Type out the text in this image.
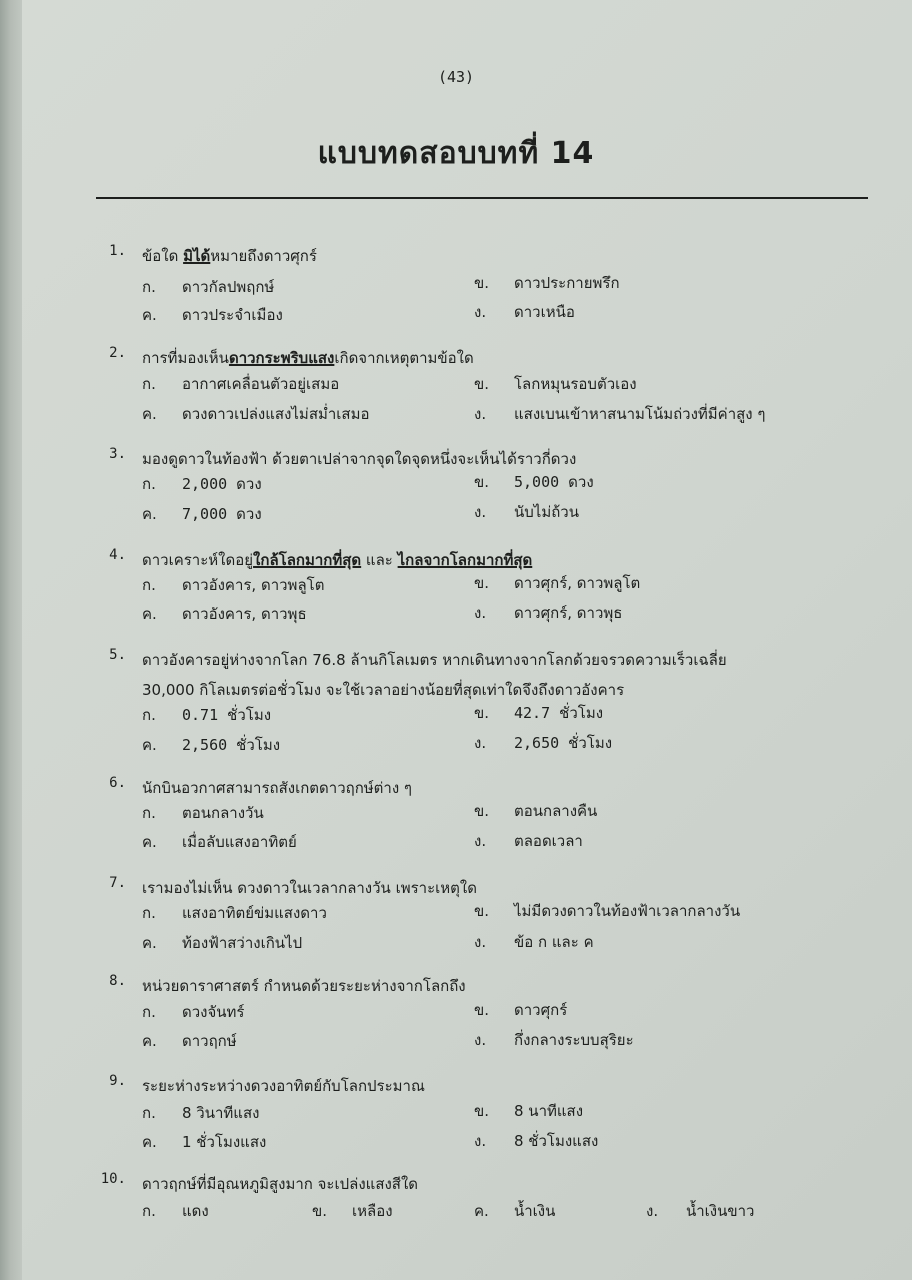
(43)
แบบทดสอบบทที่ 14
1. ข้อใด มิได้หมายถึงดาวศุกร์
ก. ดาวกัลปพฤกษ์	ข. ดาวประกายพรึก
ค. ดาวประจำเมือง	ง. ดาวเหนือ
2. การที่มองเห็นดาวกระพริบแสงเกิดจากเหตุตามข้อใด
ก. อากาศเคลื่อนตัวอยู่เสมอ	ข. โลกหมุนรอบตัวเอง
ค. ดวงดาวเปล่งแสงไม่สม่ำเสมอ	ง. แสงเบนเข้าหาสนามโน้มถ่วงที่มีค่าสูง ๆ
3. มองดูดาวในท้องฟ้า ด้วยตาเปล่าจากจุดใดจุดหนึ่งจะเห็นได้ราวกี่ดวง
ก. 2,000 ดวง	ข. 5,000 ดวง
ค. 7,000 ดวง	ง. นับไม่ถ้วน
4. ดาวเคราะห์ใดอยู่ใกล้โลกมากที่สุด และ ไกลจากโลกมากที่สุด
ก. ดาวอังคาร, ดาวพลูโต	ข. ดาวศุกร์, ดาวพลูโต
ค. ดาวอังคาร, ดาวพุธ	ง. ดาวศุกร์, ดาวพุธ
5. ดาวอังคารอยู่ห่างจากโลก 76.8 ล้านกิโลเมตร หากเดินทางจากโลกด้วยจรวดความเร็วเฉลี่ย
30,000 กิโลเมตรต่อชั่วโมง จะใช้เวลาอย่างน้อยที่สุดเท่าใดจึงถึงดาวอังคาร
ก. 0.71 ชั่วโมง	ข. 42.7 ชั่วโมง
ค. 2,560 ชั่วโมง	ง. 2,650 ชั่วโมง
6. นักบินอวกาศสามารถสังเกตดาวฤกษ์ต่าง ๆ
ก. ตอนกลางวัน	ข. ตอนกลางคืน
ค. เมื่อลับแสงอาทิตย์	ง. ตลอดเวลา
7. เรามองไม่เห็น ดวงดาวในเวลากลางวัน เพราะเหตุใด
ก. แสงอาทิตย์ข่มแสงดาว	ข. ไม่มีดวงดาวในท้องฟ้าเวลากลางวัน
ค. ท้องฟ้าสว่างเกินไป	ง. ข้อ ก และ ค
8. หน่วยดาราศาสตร์ กำหนดด้วยระยะห่างจากโลกถึง
ก. ดวงจันทร์	ข. ดาวศุกร์
ค. ดาวฤกษ์	ง. กึ่งกลางระบบสุริยะ
9. ระยะห่างระหว่างดวงอาทิตย์กับโลกประมาณ
ก. 8 วินาทีแสง	ข. 8 นาทีแสง
ค. 1 ชั่วโมงแสง	ง. 8 ชั่วโมงแสง
10. ดาวฤกษ์ที่มีอุณหภูมิสูงมาก จะเปล่งแสงสีใด
ก. แดง	ข. เหลือง	ค. น้ำเงิน	ง. น้ำเงินขาว
